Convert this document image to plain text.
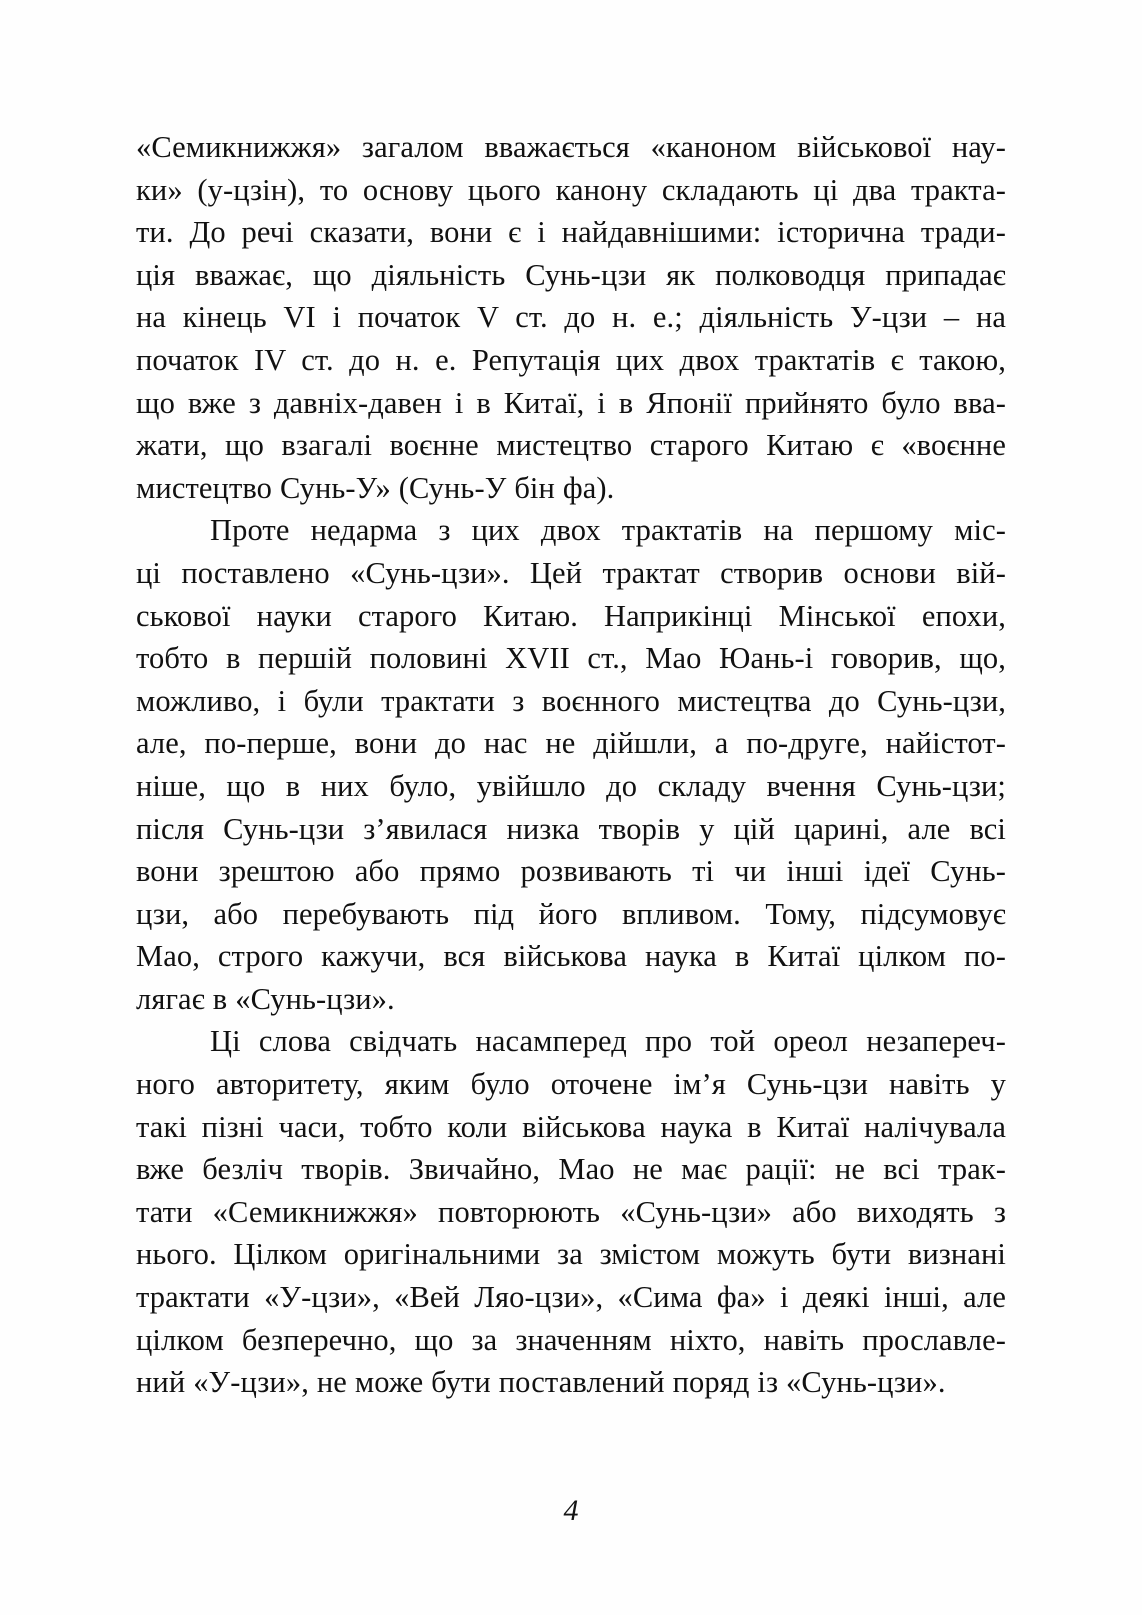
«Семикнижжя» загалом вважається «каноном військової нау-
ки» (у-цзін), то основу цього канону складають ці два тракта-
ти. До речі сказати, вони є і найдавнішими: історична тради-
ція вважає, що діяльність Сунь-цзи як полководця припадає
на кінець VI і початок V ст. до н. е.; діяльність У-цзи – на
початок IV ст. до н. е. Репутація цих двох трактатів є такою,
що вже з давніх-давен і в Китаї, і в Японії прийнято було вва-
жати, що взагалі воєнне мистецтво старого Китаю є «воєнне
мистецтво Сунь-У» (Сунь-У бін фа).
Проте недарма з цих двох трактатів на першому міс-
ці поставлено «Сунь-цзи». Цей трактат створив основи вій-
ськової науки старого Китаю. Наприкінці Мінської епохи,
тобто в першій половині XVII ст., Мао Юань-і говорив, що,
можливо, і були трактати з воєнного мистецтва до Сунь-цзи,
але, по-перше, вони до нас не дійшли, а по-друге, найістот-
ніше, що в них було, увійшло до складу вчення Сунь-цзи;
після Сунь-цзи з’явилася низка творів у цій царині, але всі
вони зрештою або прямо розвивають ті чи інші ідеї Сунь-
цзи, або перебувають під його впливом. Тому, підсумовує
Мао, строго кажучи, вся військова наука в Китаї цілком по-
лягає в «Сунь-цзи».
Ці слова свідчать насамперед про той ореол незапереч-
ного авторитету, яким було оточене ім’я Сунь-цзи навіть у
такі пізні часи, тобто коли військова наука в Китаї налічувала
вже безліч творів. Звичайно, Мао не має рації: не всі трак-
тати «Семикнижжя» повторюють «Сунь-цзи» або виходять з
нього. Цілком оригінальними за змістом можуть бути визнані
трактати «У-цзи», «Вей Ляо-цзи», «Сима фа» і деякі інші, але
цілком безперечно, що за значенням ніхто, навіть прославле-
ний «У-цзи», не може бути поставлений поряд із «Сунь-цзи».
4
